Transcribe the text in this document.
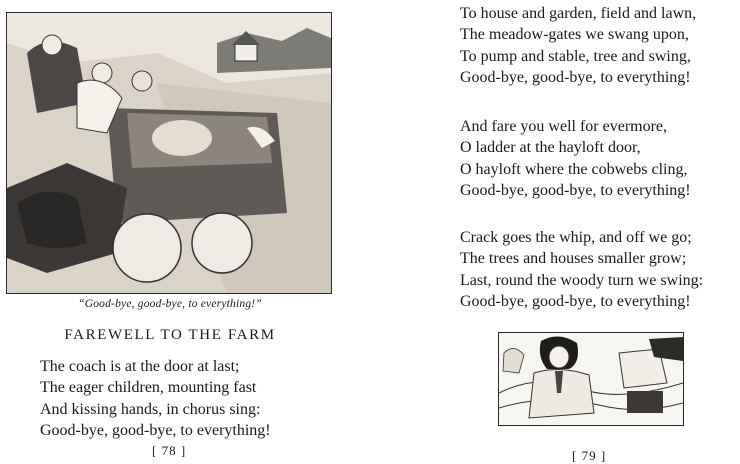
“Good-bye, good-bye, to everything!”
FAREWELL TO THE FARM
The coach is at the door at last;
The eager children, mounting fast
And kissing hands, in chorus sing:
Good-bye, good-bye, to everything!
[ 78 ]
To house and garden, field and lawn,
The meadow-gates we swang upon,
To pump and stable, tree and swing,
Good-bye, good-bye, to everything!
And fare you well for evermore,
O ladder at the hayloft door,
O hayloft where the cobwebs cling,
Good-bye, good-bye, to everything!
Crack goes the whip, and off we go;
The trees and houses smaller grow;
Last, round the woody turn we swing:
Good-bye, good-bye, to everything!
[ 79 ]
